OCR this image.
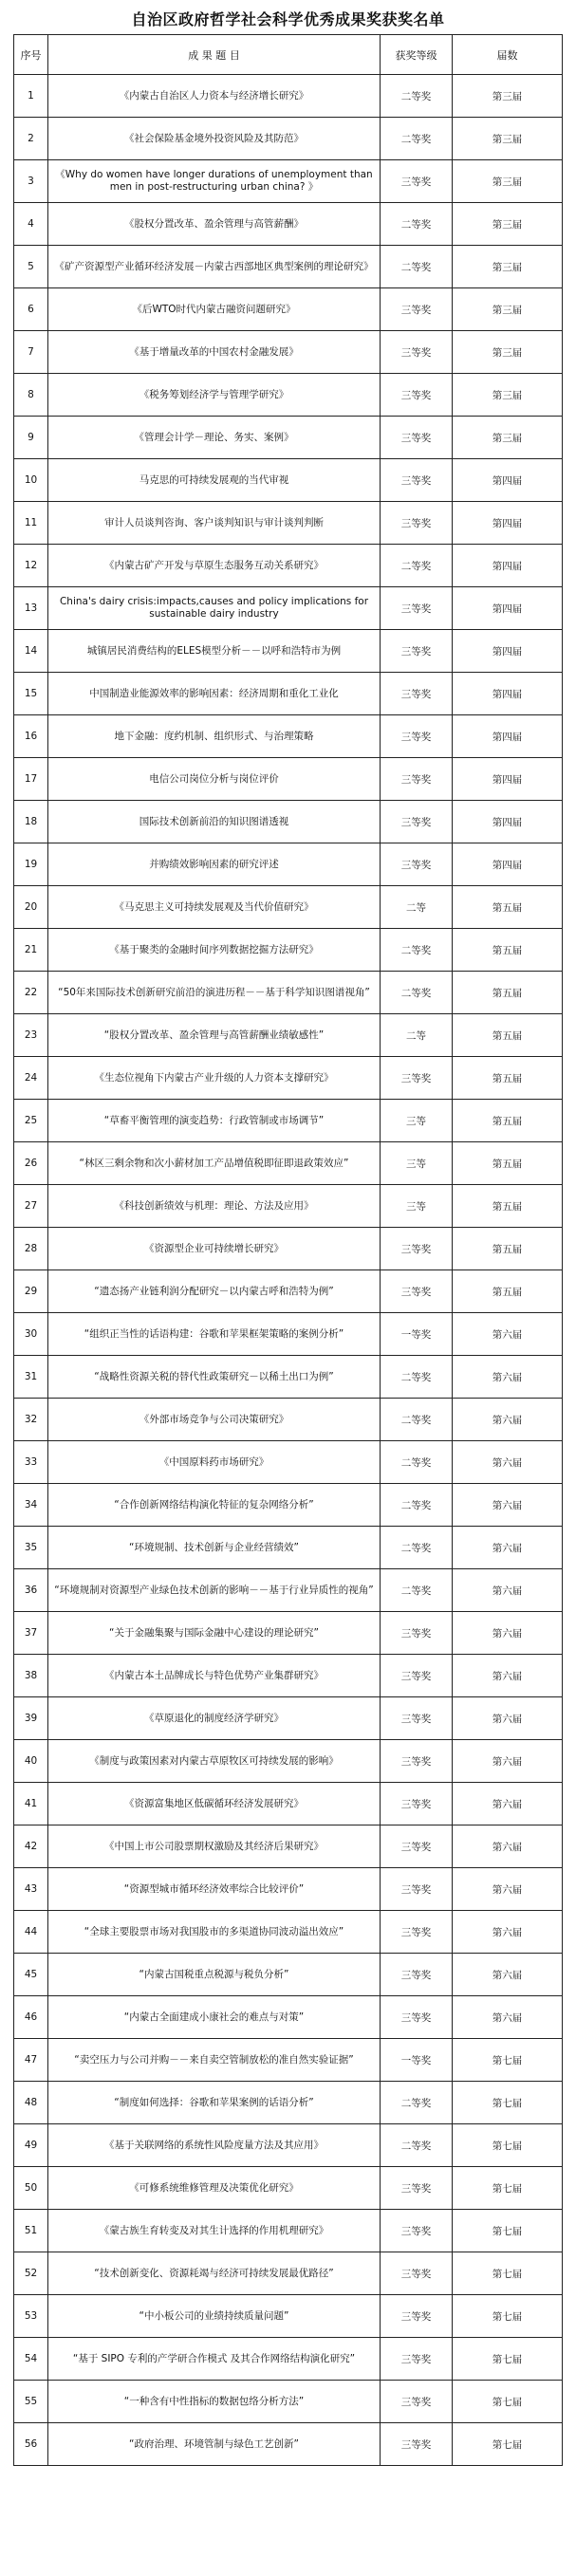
自治区政府哲学社会科学优秀成果奖获奖名单
序号	成 果 题 目	获奖等级	届数
1	《内蒙古自治区人力资本与经济增长研究》	二等奖	第三届
2	《社会保险基金境外投资风险及其防范》	二等奖	第三届
3	《Why do women have longer durations of unemployment than men in post-restructuring urban china? 》	三等奖	第三届
4	《股权分置改革、盈余管理与高管薪酬》	二等奖	第三届
5	《矿产资源型产业循环经济发展－内蒙古西部地区典型案例的理论研究》	二等奖	第三届
6	《后WTO时代内蒙古融资问题研究》	三等奖	第三届
7	《基于增量改革的中国农村金融发展》	三等奖	第三届
8	《税务筹划经济学与管理学研究》	三等奖	第三届
9	《管理会计学－理论、务实、案例》	三等奖	第三届
10	马克思的可持续发展观的当代审视	三等奖	第四届
11	审计人员谈判咨询、客户谈判知识与审计谈判判断	三等奖	第四届
12	《内蒙古矿产开发与草原生态服务互动关系研究》	二等奖	第四届
13	China's dairy crisis:impacts,causes and policy implications for sustainable dairy industry	三等奖	第四届
14	城镇居民消费结构的ELES模型分析－－以呼和浩特市为例	三等奖	第四届
15	中国制造业能源效率的影响因素：经济周期和重化工业化	三等奖	第四届
16	地下金融：度约机制、组织形式、与治理策略	三等奖	第四届
17	电信公司岗位分析与岗位评价	三等奖	第四届
18	国际技术创新前沿的知识图谱透视	三等奖	第四届
19	并购绩效影响因素的研究评述	三等奖	第四届
20	《马克思主义可持续发展观及当代价值研究》	二等	第五届
21	《基于聚类的金融时间序列数据挖掘方法研究》	二等奖	第五届
22	“50年来国际技术创新研究前沿的演进历程－－基于科学知识图谱视角”	二等奖	第五届
23	“股权分置改革、盈余管理与高管薪酬业绩敏感性”	二等	第五届
24	《生态位视角下内蒙古产业升级的人力资本支撑研究》	三等奖	第五届
25	“草畜平衡管理的演变趋势：行政管制或市场调节”	三等	第五届
26	“林区三剩余物和次小薪材加工产品增值税即征即退政策效应”	三等	第五届
27	《科技创新绩效与机理：理论、方法及应用》	三等	第五届
28	《资源型企业可持续增长研究》	三等奖	第五届
29	“遗态扬产业链利润分配研究－以内蒙古呼和浩特为例”	三等奖	第五届
30	“组织正当性的话语构建：谷歌和苹果框架策略的案例分析”	一等奖	第六届
31	“战略性资源关税的替代性政策研究－以稀土出口为例”	二等奖	第六届
32	《外部市场竞争与公司决策研究》	二等奖	第六届
33	《中国原料药市场研究》	二等奖	第六届
34	“合作创新网络结构演化特征的复杂网络分析”	二等奖	第六届
35	“环境规制、技术创新与企业经营绩效”	二等奖	第六届
36	“环境规制对资源型产业绿色技术创新的影响－－基于行业异质性的视角”	二等奖	第六届
37	“关于金融集聚与国际金融中心建设的理论研究”	三等奖	第六届
38	《内蒙古本土品牌成长与特色优势产业集群研究》	三等奖	第六届
39	《草原退化的制度经济学研究》	三等奖	第六届
40	《制度与政策因素对内蒙古草原牧区可持续发展的影响》	三等奖	第六届
41	《资源富集地区低碳循环经济发展研究》	三等奖	第六届
42	《中国上市公司股票期权激励及其经济后果研究》	三等奖	第六届
43	“资源型城市循环经济效率综合比较评价”	三等奖	第六届
44	“全球主要股票市场对我国股市的多渠道协同波动溢出效应”	三等奖	第六届
45	“内蒙古国税重点税源与税负分析”	三等奖	第六届
46	“内蒙古全面建成小康社会的难点与对策”	三等奖	第六届
47	“卖空压力与公司并购－－来自卖空管制放松的准自然实验证据”	一等奖	第七届
48	“制度如何选择：谷歌和苹果案例的话语分析”	二等奖	第七届
49	《基于关联网络的系统性风险度量方法及其应用》	二等奖	第七届
50	《可修系统维修管理及决策优化研究》	三等奖	第七届
51	《蒙古族生育转变及对其生计选择的作用机理研究》	三等奖	第七届
52	“技术创新变化、资源耗竭与经济可持续发展最优路径”	三等奖	第七届
53	“中小板公司的业绩持续质量问题”	三等奖	第七届
54	“基于 SIPO 专利的产学研合作模式 及其合作网络结构演化研究”	三等奖	第七届
55	“一种含有中性指标的数据包络分析方法”	三等奖	第七届
56	“政府治理、环境管制与绿色工艺创新”	三等奖	第七届
